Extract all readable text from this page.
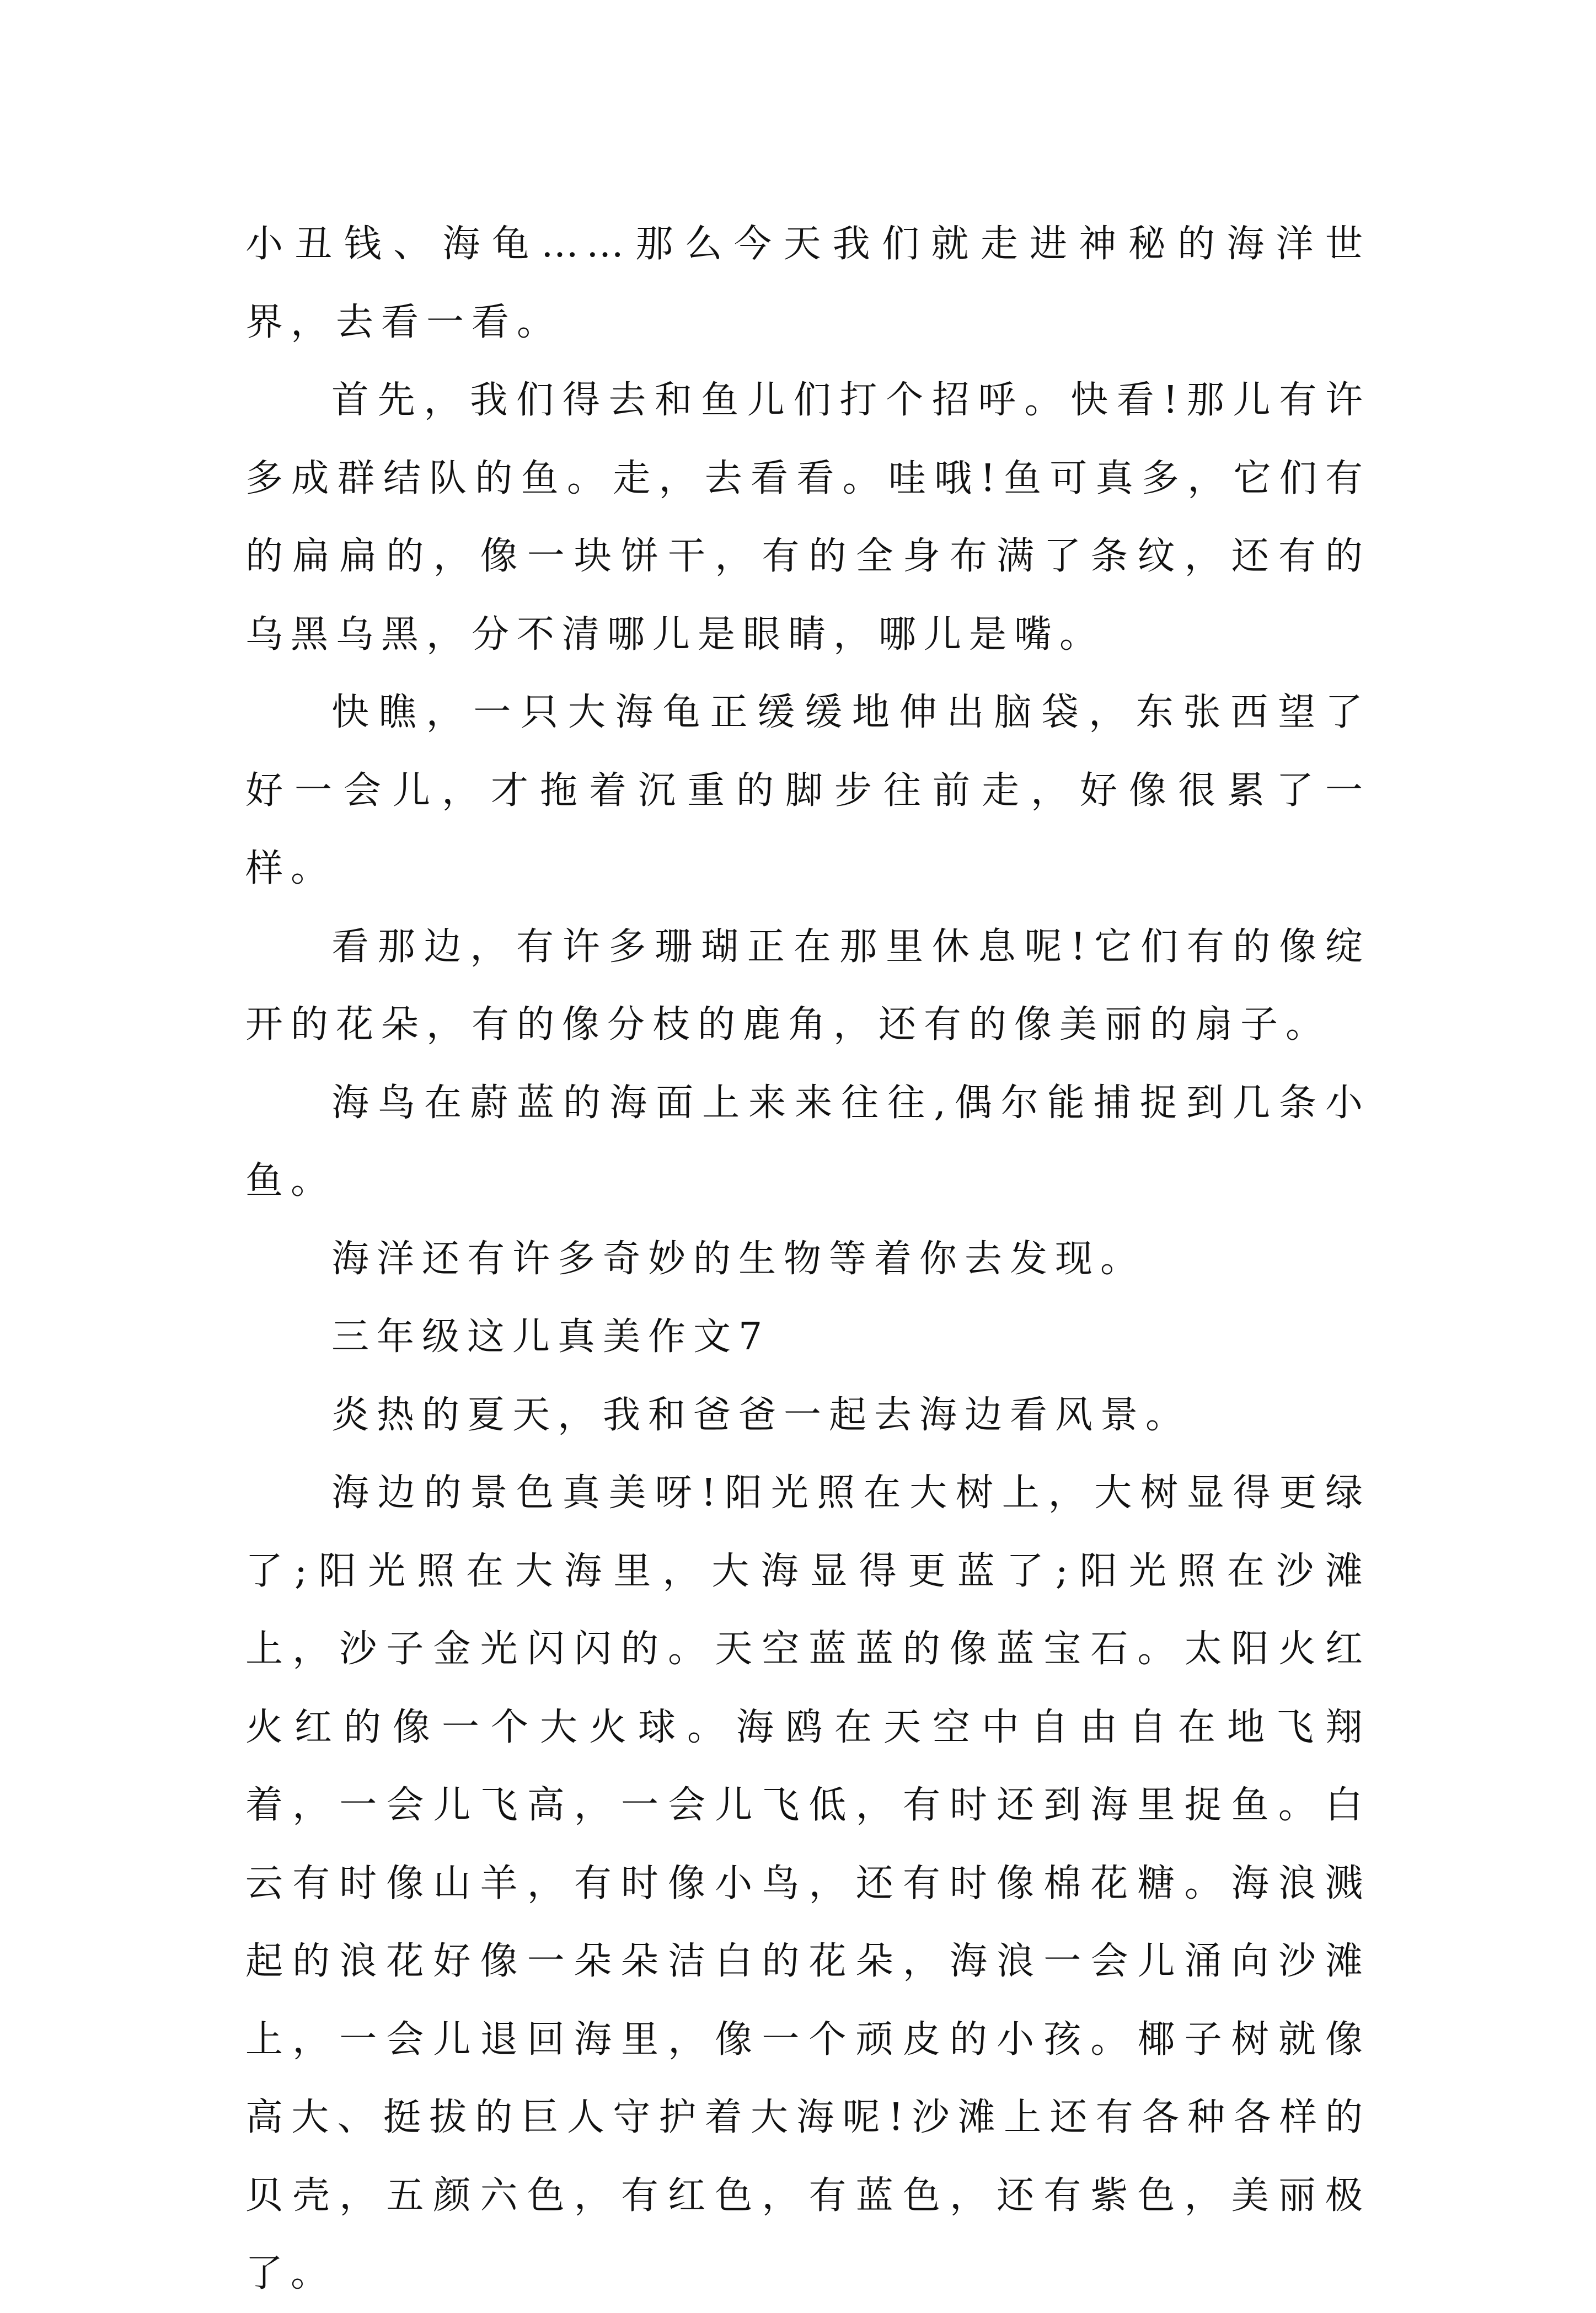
小丑钱、海龟……那么今天我们就走进神秘的海洋世界，去看一看。

首先，我们得去和鱼儿们打个招呼。快看!那儿有许多成群结队的鱼。走，去看看。哇哦!鱼可真多，它们有的扁扁的，像一块饼干，有的全身布满了条纹，还有的乌黑乌黑，分不清哪儿是眼睛，哪儿是嘴。

快瞧，一只大海龟正缓缓地伸出脑袋，东张西望了好一会儿，才拖着沉重的脚步往前走，好像很累了一样。

看那边，有许多珊瑚正在那里休息呢!它们有的像绽开的花朵，有的像分枝的鹿角，还有的像美丽的扇子。

海鸟在蔚蓝的海面上来来往往,偶尔能捕捉到几条小鱼。

海洋还有许多奇妙的生物等着你去发现。

三年级这儿真美作文7

炎热的夏天，我和爸爸一起去海边看风景。

海边的景色真美呀!阳光照在大树上，大树显得更绿了;阳光照在大海里，大海显得更蓝了;阳光照在沙滩上，沙子金光闪闪的。天空蓝蓝的像蓝宝石。太阳火红火红的像一个大火球。海鸥在天空中自由自在地飞翔着，一会儿飞高，一会儿飞低，有时还到海里捉鱼。白云有时像山羊，有时像小鸟，还有时像棉花糖。海浪溅起的浪花好像一朵朵洁白的花朵，海浪一会儿涌向沙滩上，一会儿退回海里，像一个顽皮的小孩。椰子树就像高大、挺拔的巨人守护着大海呢!沙滩上还有各种各样的贝壳，五颜六色，有红色，有蓝色，还有紫色，美丽极了。
